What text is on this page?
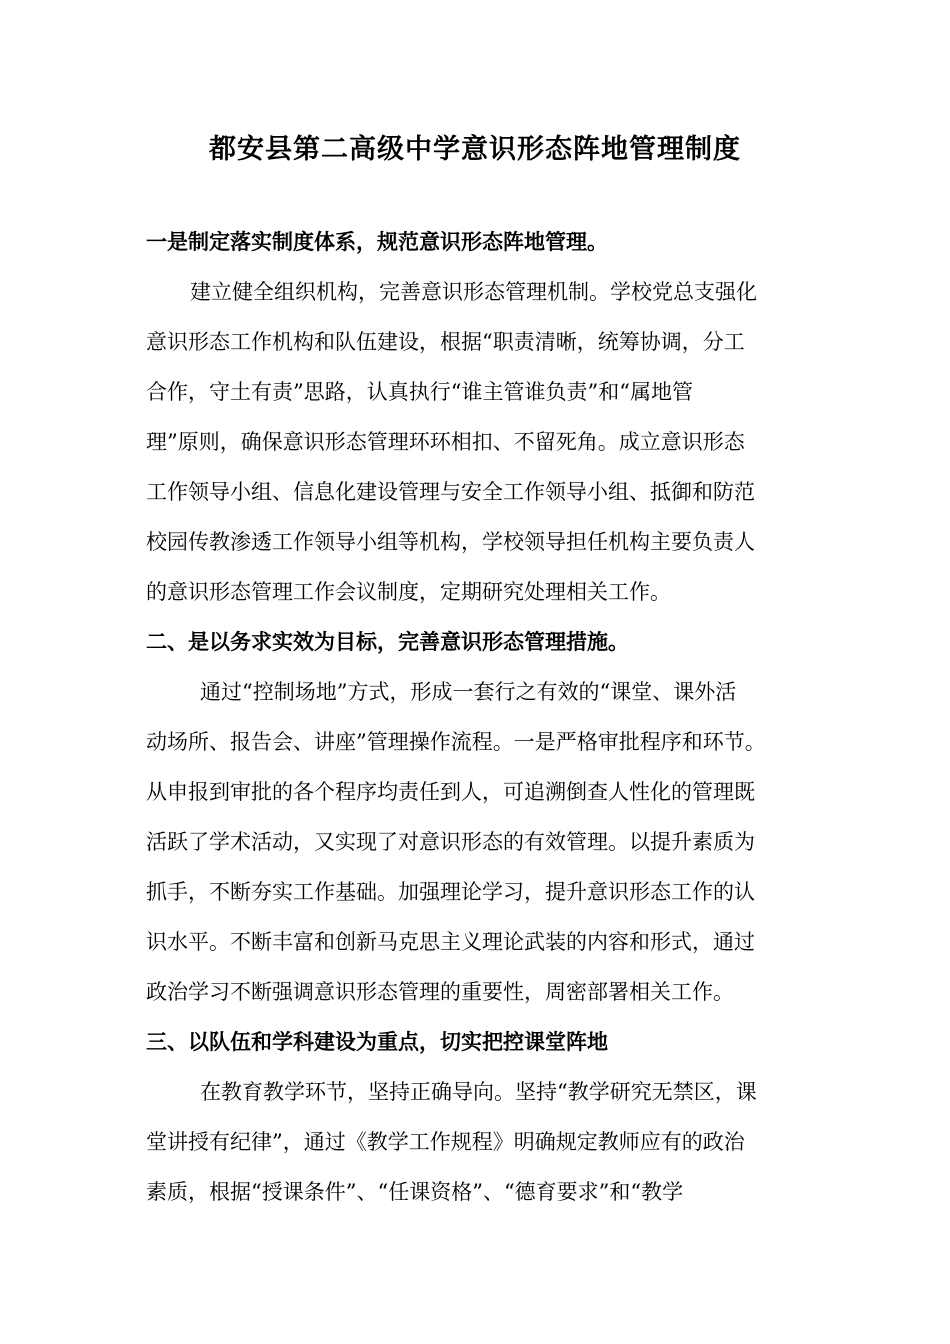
都安县第二高级中学意识形态阵地管理制度

一是制定落实制度体系，规范意识形态阵地管理。

建立健全组织机构，完善意识形态管理机制。学校党总支强化

意识形态工作机构和队伍建设，根据“职责清晰，统筹协调，分工

合作，守土有责”思路，认真执行“谁主管谁负责”和“属地管

理”原则，确保意识形态管理环环相扣、不留死角。成立意识形态

工作领导小组、信息化建设管理与安全工作领导小组、抵御和防范

校园传教渗透工作领导小组等机构，学校领导担任机构主要负责人

的意识形态管理工作会议制度，定期研究处理相关工作。

二、是以务求实效为目标，完善意识形态管理措施。

通过“控制场地”方式，形成一套行之有效的“课堂、课外活

动场所、报告会、讲座”管理操作流程。一是严格审批程序和环节。

从申报到审批的各个程序均责任到人，可追溯倒查人性化的管理既

活跃了学术活动，又实现了对意识形态的有效管理。以提升素质为

抓手，不断夯实工作基础。加强理论学习，提升意识形态工作的认

识水平。不断丰富和创新马克思主义理论武装的内容和形式，通过

政治学习不断强调意识形态管理的重要性，周密部署相关工作。

三、以队伍和学科建设为重点，切实把控课堂阵地

在教育教学环节，坚持正确导向。坚持“教学研究无禁区，课

堂讲授有纪律”，通过《教学工作规程》明确规定教师应有的政治

素质，根据“授课条件”、“任课资格”、“德育要求”和“教学
